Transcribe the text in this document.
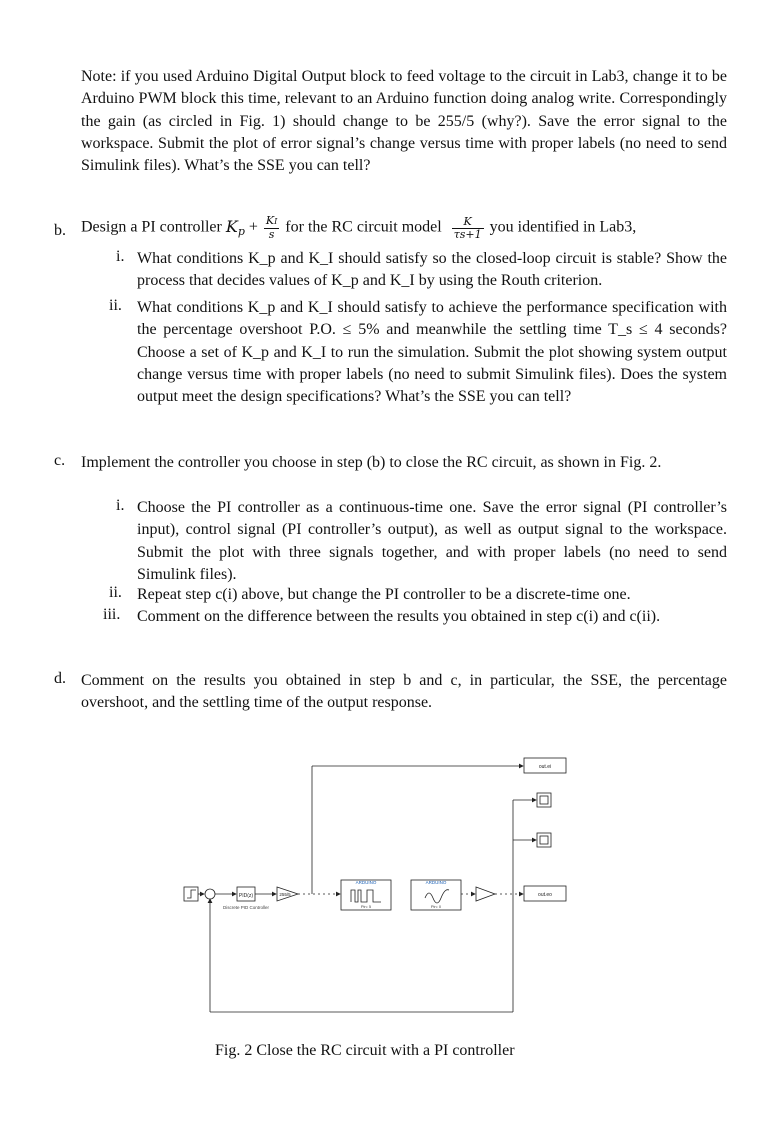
Note: if you used Arduino Digital Output block to feed voltage to the circuit in Lab3, change it to be Arduino PWM block this time, relevant to an Arduino function doing analog write. Correspondingly the gain (as circled in Fig. 1) should change to be 255/5 (why?). Save the error signal to the workspace. Submit the plot of error signal’s change versus time with proper labels (no need to send Simulink files). What’s the SSE you can tell?

b. Design a PI controller $K_p + \frac{KI}{s}$ for the RC circuit model $\frac{K}{\tau s+1}$ you identified in Lab3,
i. What conditions K_p and K_I should satisfy so the closed-loop circuit is stable? Show the process that decides values of K_p and K_I by using the Routh criterion.
ii. What conditions K_p and K_I should satisfy to achieve the performance specification with the percentage overshoot P.O. ≤ 5% and meanwhile the settling time T_s ≤ 4 seconds? Choose a set of K_p and K_I to run the simulation. Submit the plot showing system output change versus time with proper labels (no need to submit Simulink files). Does the system output meet the design specifications? What’s the SSE you can tell?
c. Implement the controller you choose in step (b) to close the RC circuit, as shown in Fig. 2.
i. Choose the PI controller as a continuous-time one. Save the error signal (PI controller’s input), control signal (PI controller’s output), as well as output signal to the workspace. Submit the plot with three signals together, and with proper labels (no need to send Simulink files).
ii. Repeat step c(i) above, but change the PI controller to be a discrete-time one.
iii. Comment on the difference between the results you obtained in step c(i) and c(ii).
d. Comment on the results you obtained in step b and c, in particular, the SSE, the percentage overshoot, and the settling time of the output response.
PID(z)
Discrete PID Controller
255/5
ARDUINO
Pin: 5
ARDUINO
Pin: 0
out.ei
out.eo
Fig. 2 Close the RC circuit with a PI controller
